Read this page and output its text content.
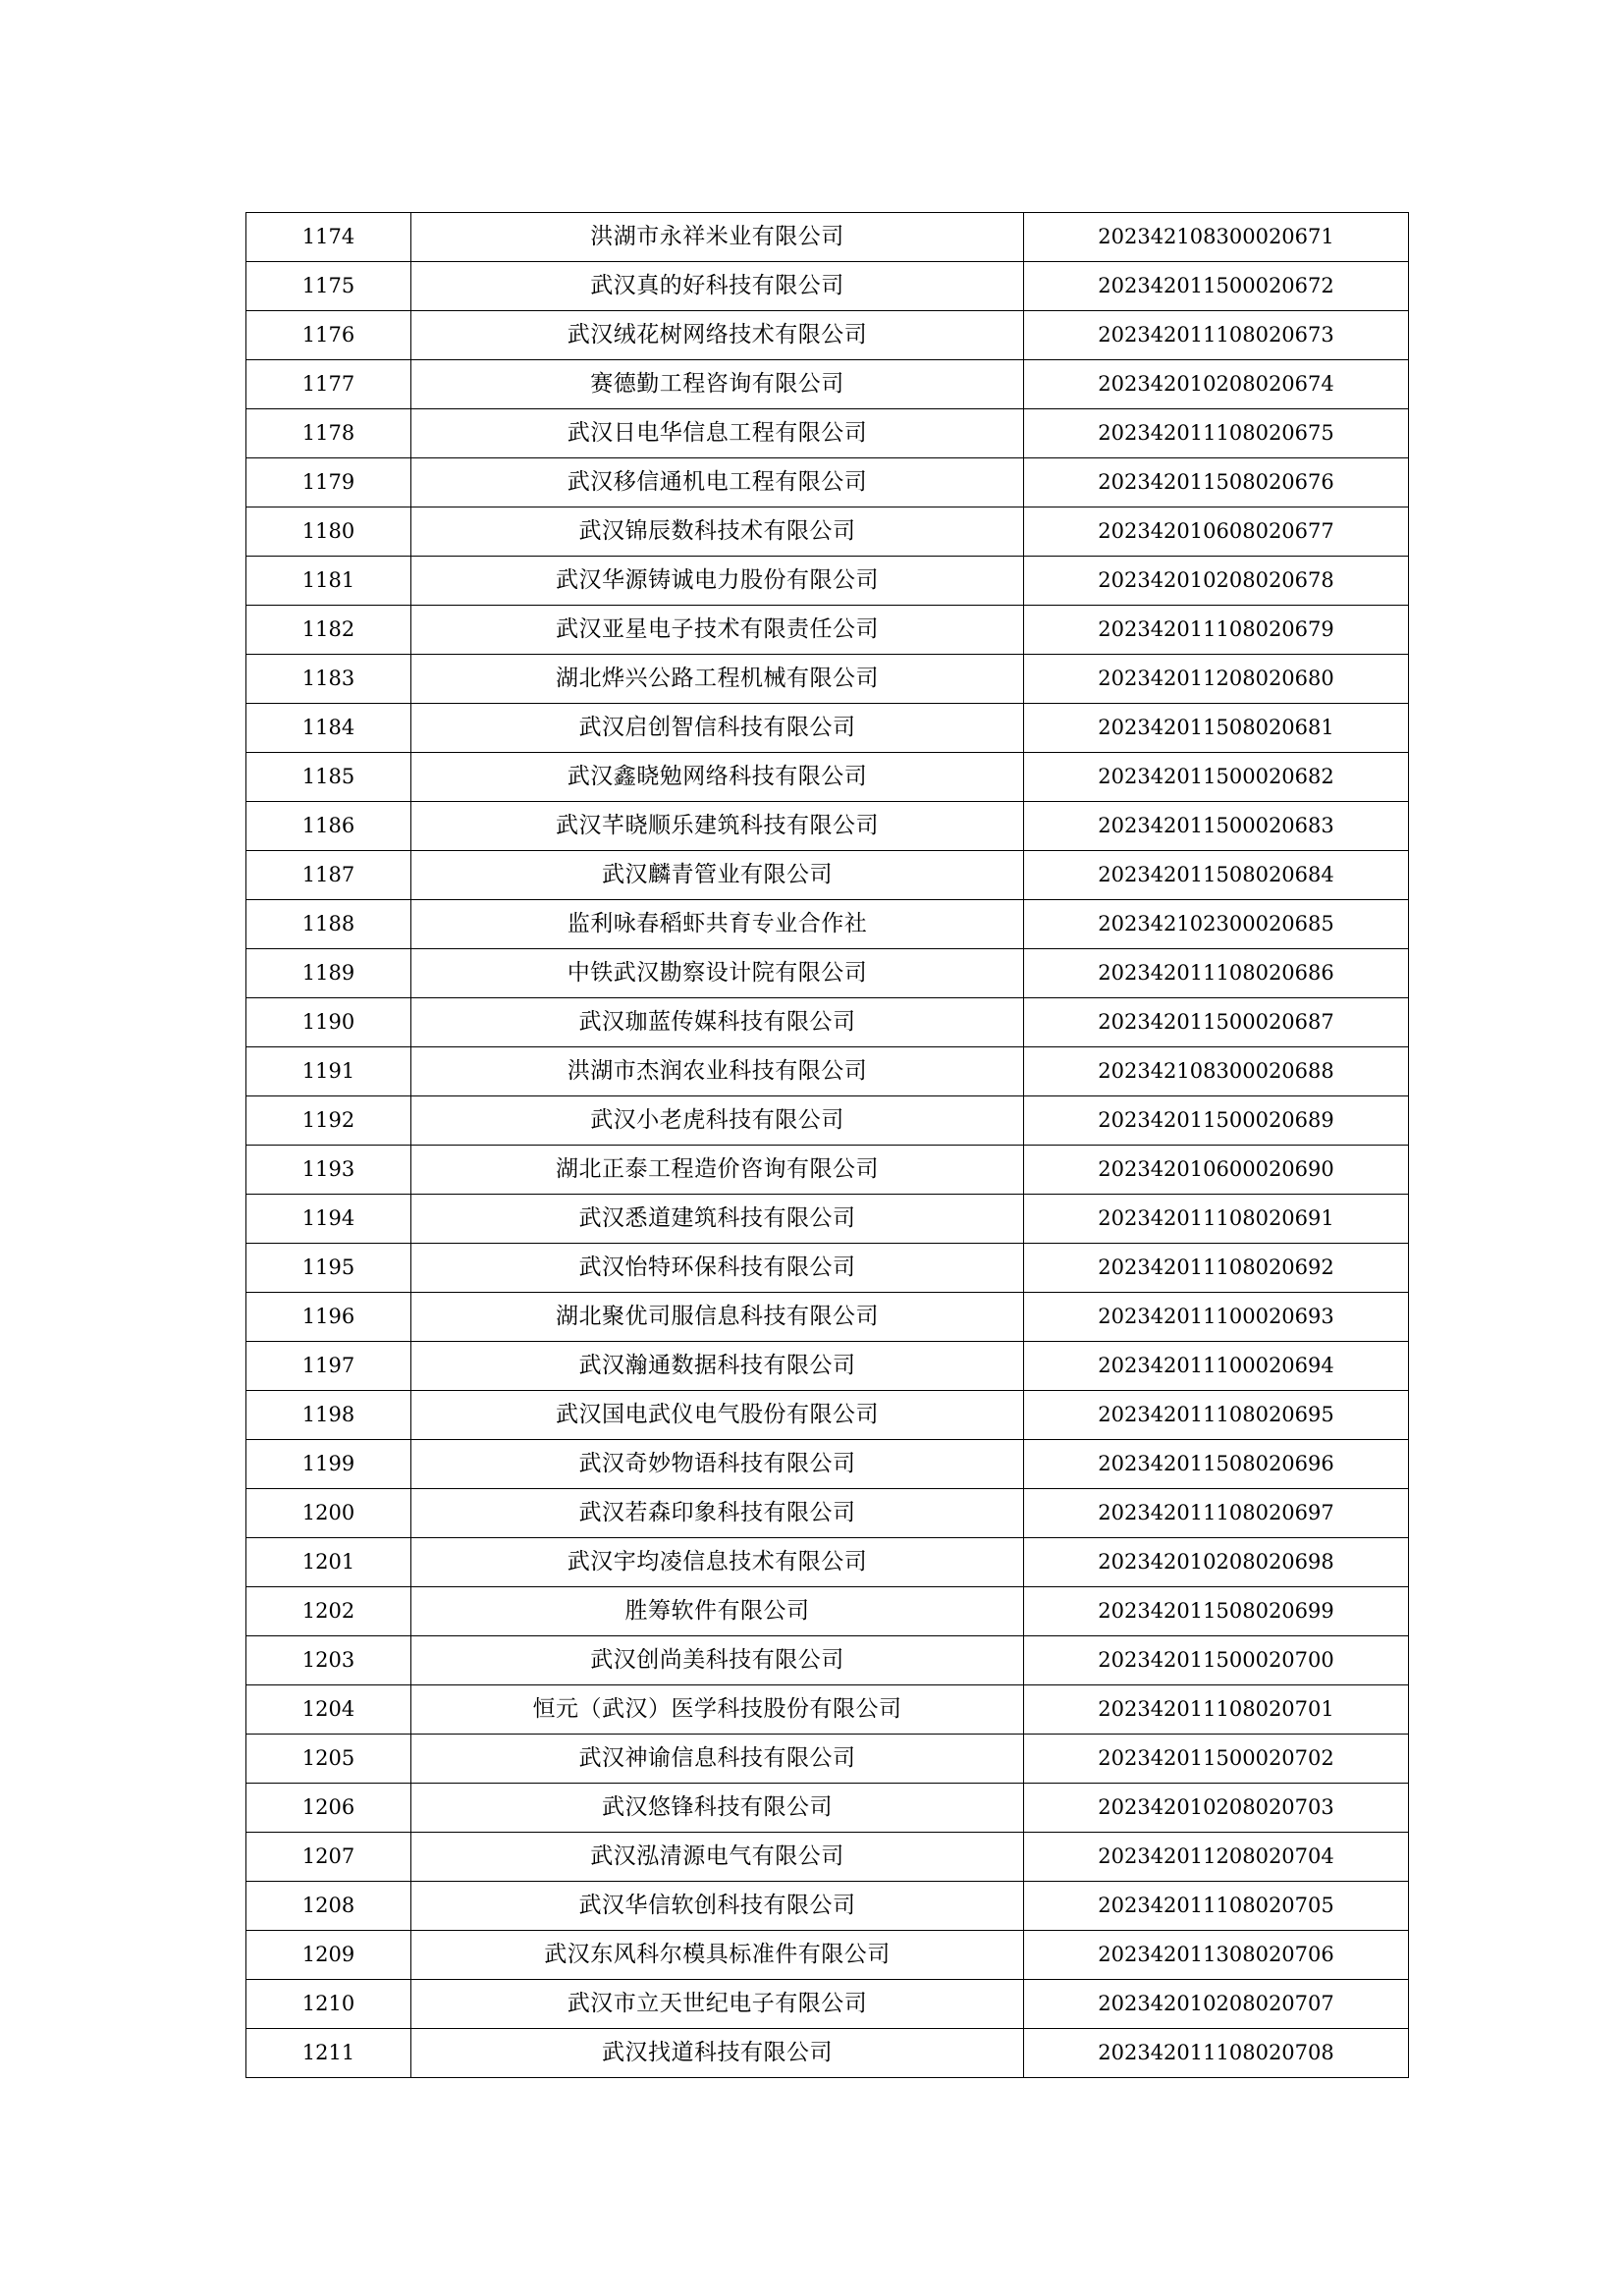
1174	洪湖市永祥米业有限公司	202342108300020671
1175	武汉真的好科技有限公司	202342011500020672
1176	武汉绒花树网络技术有限公司	202342011108020673
1177	赛德勤工程咨询有限公司	202342010208020674
1178	武汉日电华信息工程有限公司	202342011108020675
1179	武汉移信通机电工程有限公司	202342011508020676
1180	武汉锦辰数科技术有限公司	202342010608020677
1181	武汉华源铸诚电力股份有限公司	202342010208020678
1182	武汉亚星电子技术有限责任公司	202342011108020679
1183	湖北烨兴公路工程机械有限公司	202342011208020680
1184	武汉启创智信科技有限公司	202342011508020681
1185	武汉鑫晓勉网络科技有限公司	202342011500020682
1186	武汉芊晓顺乐建筑科技有限公司	202342011500020683
1187	武汉麟青管业有限公司	202342011508020684
1188	监利咏春稻虾共育专业合作社	202342102300020685
1189	中铁武汉勘察设计院有限公司	202342011108020686
1190	武汉珈蓝传媒科技有限公司	202342011500020687
1191	洪湖市杰润农业科技有限公司	202342108300020688
1192	武汉小老虎科技有限公司	202342011500020689
1193	湖北正泰工程造价咨询有限公司	202342010600020690
1194	武汉悉道建筑科技有限公司	202342011108020691
1195	武汉怡特环保科技有限公司	202342011108020692
1196	湖北聚优司服信息科技有限公司	202342011100020693
1197	武汉瀚通数据科技有限公司	202342011100020694
1198	武汉国电武仪电气股份有限公司	202342011108020695
1199	武汉奇妙物语科技有限公司	202342011508020696
1200	武汉若森印象科技有限公司	202342011108020697
1201	武汉宇均凌信息技术有限公司	202342010208020698
1202	胜筹软件有限公司	202342011508020699
1203	武汉创尚美科技有限公司	202342011500020700
1204	恒元（武汉）医学科技股份有限公司	202342011108020701
1205	武汉神谕信息科技有限公司	202342011500020702
1206	武汉悠锋科技有限公司	202342010208020703
1207	武汉泓清源电气有限公司	202342011208020704
1208	武汉华信软创科技有限公司	202342011108020705
1209	武汉东风科尔模具标准件有限公司	202342011308020706
1210	武汉市立天世纪电子有限公司	202342010208020707
1211	武汉找道科技有限公司	202342011108020708
